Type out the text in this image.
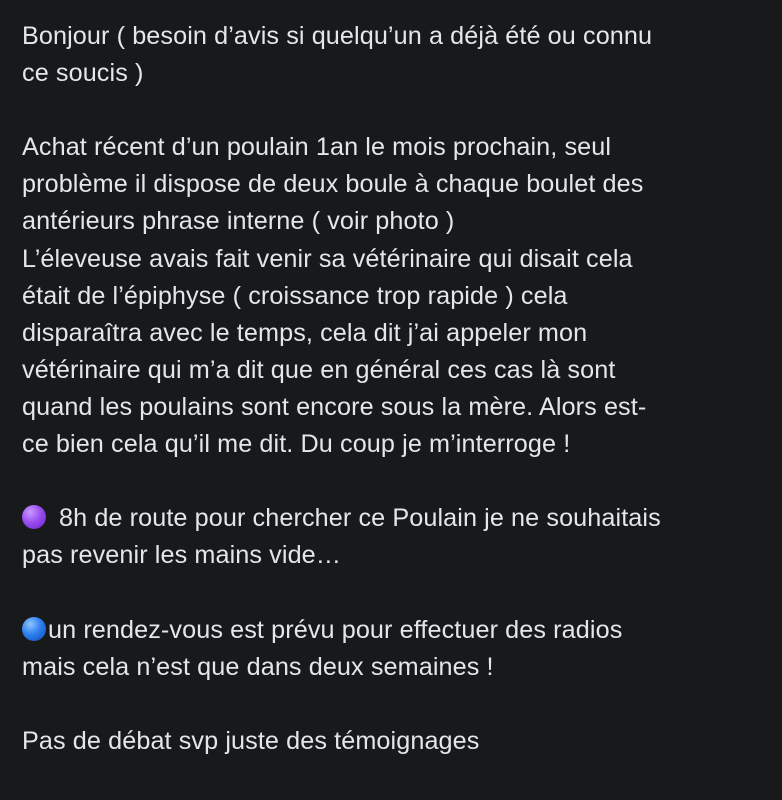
Bonjour ( besoin d’avis si quelqu’un a déjà été ou connu
ce soucis )

Achat récent d’un poulain 1an le mois prochain, seul
problème il dispose de deux boule à chaque boulet des
antérieurs phrase interne ( voir photo )
L’éleveuse avais fait venir sa vétérinaire qui disait cela
était de l’épiphyse ( croissance trop rapide ) cela
disparaîtra avec le temps, cela dit j’ai appeler mon
vétérinaire qui m’a dit que en général ces cas là sont
quand les poulains sont encore sous la mère. Alors est-
ce bien cela qu’il me dit. Du coup je m’interroge !

8h de route pour chercher ce Poulain je ne souhaitais
pas revenir les mains vide…

un rendez-vous est prévu pour effectuer des radios
mais cela n’est que dans deux semaines !

Pas de débat svp juste des témoignages
